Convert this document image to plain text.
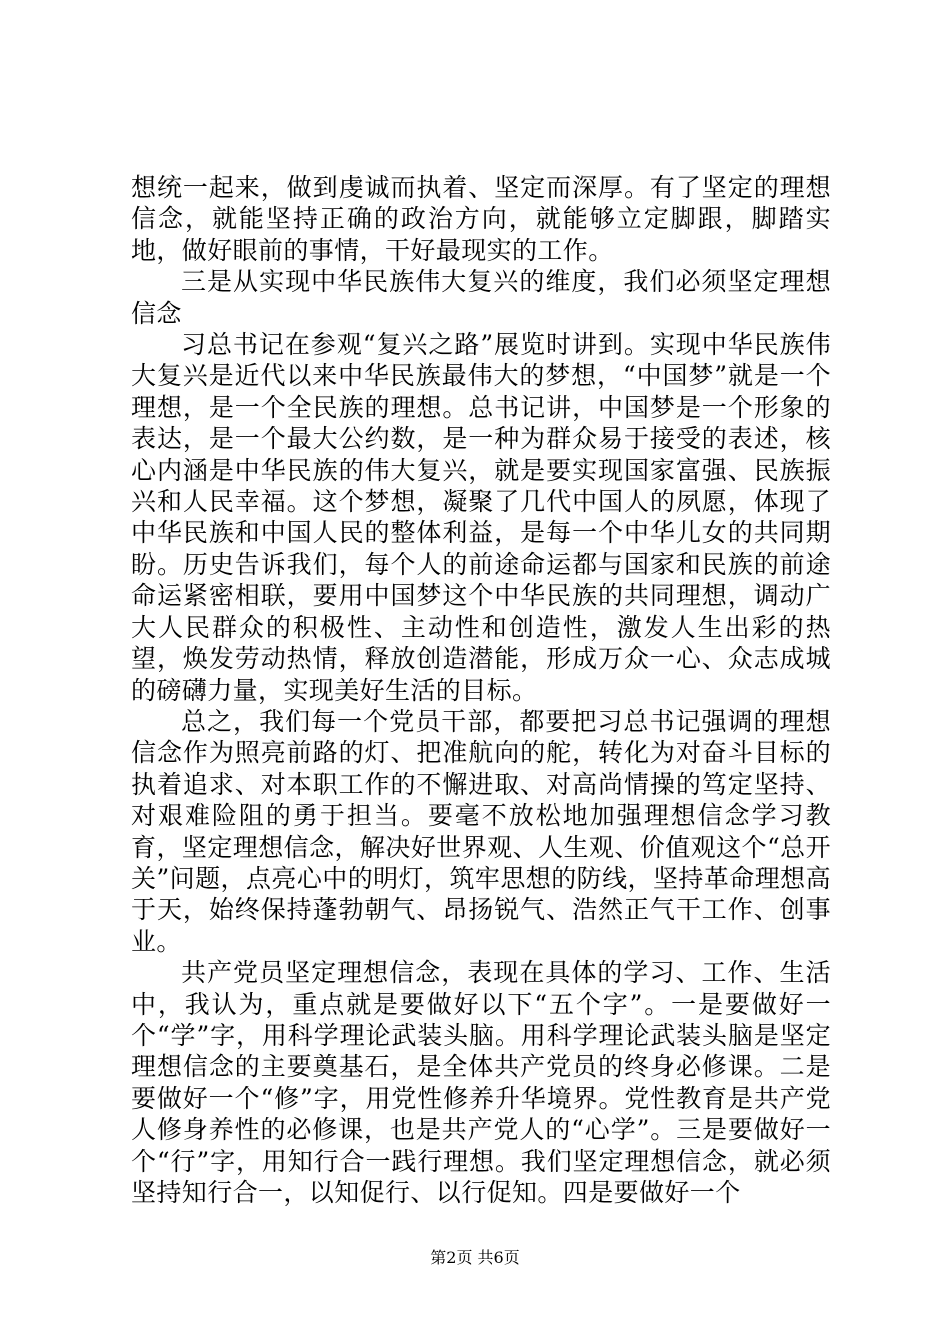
想统一起来，做到虔诚而执着、坚定而深厚。有了坚定的理想信念，就能坚持正确的政治方向，就能够立定脚跟，脚踏实地，做好眼前的事情，干好最现实的工作。

三是从实现中华民族伟大复兴的维度，我们必须坚定理想信念

习总书记在参观“复兴之路”展览时讲到。实现中华民族伟大复兴是近代以来中华民族最伟大的梦想，“中国梦”就是一个理想，是一个全民族的理想。总书记讲，中国梦是一个形象的表达，是一个最大公约数，是一种为群众易于接受的表述，核心内涵是中华民族的伟大复兴，就是要实现国家富强、民族振兴和人民幸福。这个梦想，凝聚了几代中国人的夙愿，体现了中华民族和中国人民的整体利益，是每一个中华儿女的共同期盼。历史告诉我们，每个人的前途命运都与国家和民族的前途命运紧密相联，要用中国梦这个中华民族的共同理想，调动广大人民群众的积极性、主动性和创造性，激发人生出彩的热望，焕发劳动热情，释放创造潜能，形成万众一心、众志成城的磅礴力量，实现美好生活的目标。

总之，我们每一个党员干部，都要把习总书记强调的理想信念作为照亮前路的灯、把准航向的舵，转化为对奋斗目标的执着追求、对本职工作的不懈进取、对高尚情操的笃定坚持、对艰难险阻的勇于担当。要毫不放松地加强理想信念学习教育，坚定理想信念，解决好世界观、人生观、价值观这个“总开关”问题，点亮心中的明灯，筑牢思想的防线，坚持革命理想高于天，始终保持蓬勃朝气、昂扬锐气、浩然正气干工作、创事业。

共产党员坚定理想信念，表现在具体的学习、工作、生活中，我认为，重点就是要做好以下“五个字”。一是要做好一个“学”字，用科学理论武装头脑。用科学理论武装头脑是坚定理想信念的主要奠基石，是全体共产党员的终身必修课。二是要做好一个“修”字，用党性修养升华境界。党性教育是共产党人修身养性的必修课，也是共产党人的“心学”。三是要做好一个“行”字，用知行合一践行理想。我们坚定理想信念，就必须坚持知行合一，以知促行、以行促知。四是要做好一个

第2页 共6页
